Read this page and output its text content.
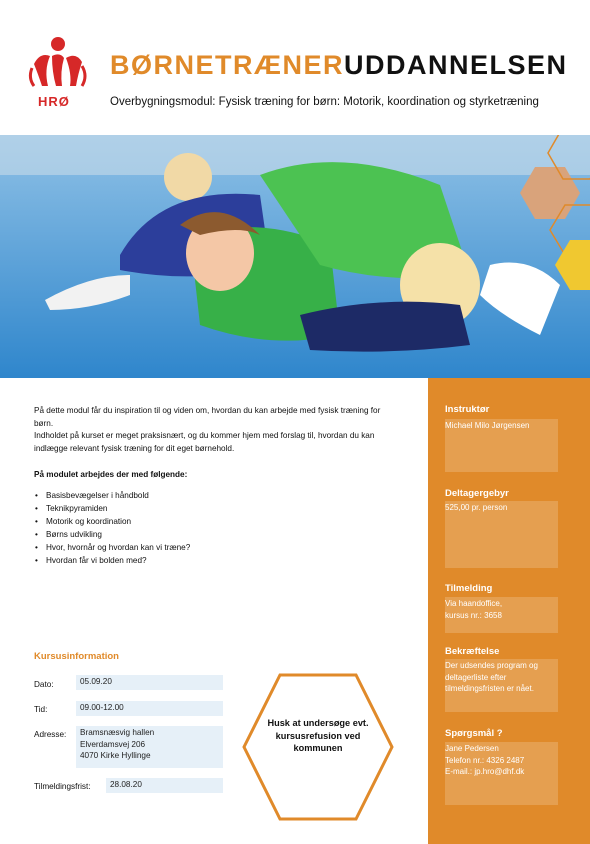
HRØ
BØRNETRÆNERUDDANNELSEN
Overbygningsmodul: Fysisk træning for børn: Motorik, koordination og styrketræning

På dette modul får du inspiration til og viden om, hvordan du kan arbejde med fysisk træning for børn.

Indholdet på kurset er meget praksisnært, og du kommer hjem med forslag til, hvordan du kan indlægge relevant fysisk træning for dit eget børnehold.

På modulet arbejdes der med følgende:
• Basisbevægelser i håndbold
• Teknikpyramiden
• Motorik og koordination
• Børns udvikling
• Hvor, hvornår og hvordan kan vi træne?
• Hvordan får vi bolden med?
Kursusinformation
Dato:	05.09.20
Tid:	09.00-12.00
Adresse:	Bramsnæsvig hallen
Elverdamsvej 206
4070 Kirke Hyllinge
Tilmeldingsfrist:	28.08.20
Husk at undersøge evt. kursusrefusion ved kommunen
Instruktør
Michael Milo Jørgensen
Deltagergebyr
525,00 pr. person
Tilmelding

Via haandoffice,

kursus nr.: 3658

Bekræftelse
Der udsendes program og deltagerliste efter tilmeldingsfristen er nået.
Spørgsmål ?

Jane Pedersen

Telefon nr.: 4326 2487

E-mail.: jp.hro@dhf.dk
